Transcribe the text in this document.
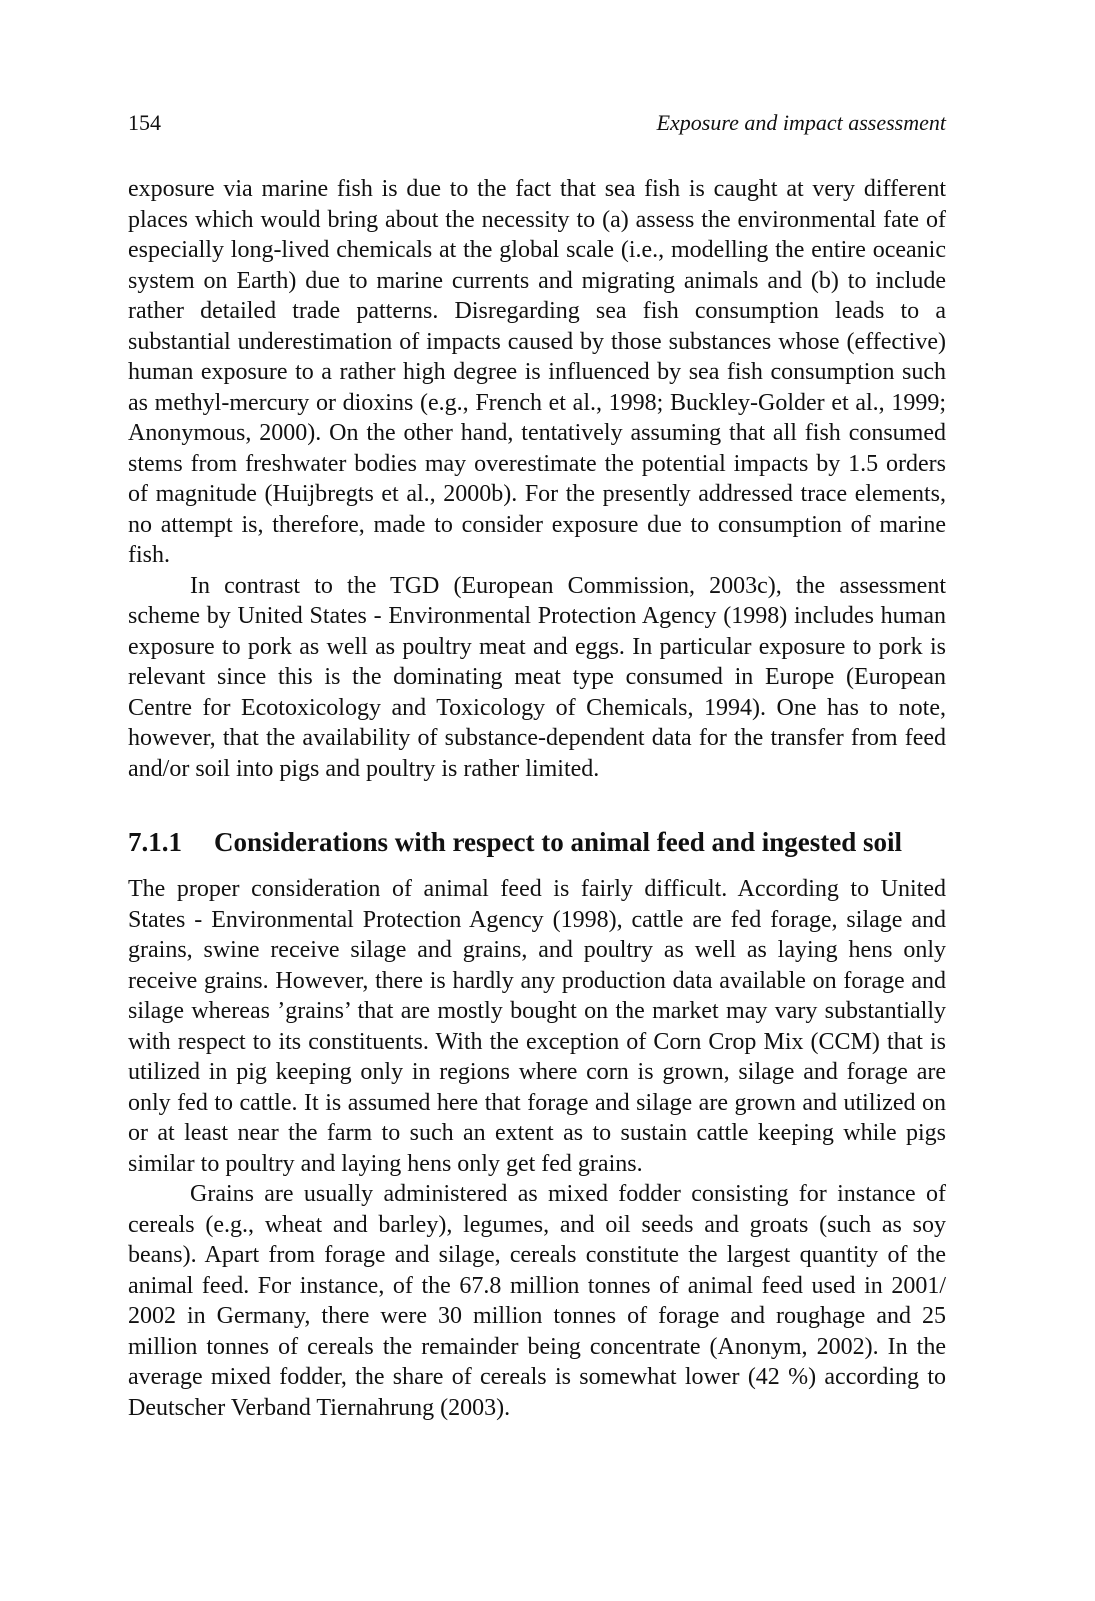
154	Exposure and impact assessment

exposure via marine fish is due to the fact that sea fish is caught at very different places which would bring about the necessity to (a) assess the environmental fate of especially long-lived chemicals at the global scale (i.e., modelling the entire oceanic system on Earth) due to marine currents and migrating animals and (b) to include rather detailed trade patterns. Disregarding sea fish consumption leads to a substantial underestimation of impacts caused by those substances whose (effective) human exposure to a rather high degree is influenced by sea fish consumption such as methyl-mercury or dioxins (e.g., French et al., 1998; Buckley-Golder et al., 1999; Anonymous, 2000). On the other hand, tentatively assuming that all fish consumed stems from freshwater bodies may overestimate the potential impacts by 1.5 orders of magnitude (Huijbregts et al., 2000b). For the presently addressed trace elements, no attempt is, therefore, made to consider exposure due to consumption of marine fish.

In contrast to the TGD (European Commission, 2003c), the assessment scheme by United States - Environmental Protection Agency (1998) includes human exposure to pork as well as poultry meat and eggs. In particular exposure to pork is relevant since this is the dominating meat type consumed in Europe (European Centre for Ecotoxicology and Toxicology of Chemicals, 1994). One has to note, however, that the availability of substance-dependent data for the transfer from feed and/or soil into pigs and poultry is rather limited.

7.1.1 Considerations with respect to animal feed and ingested soil

The proper consideration of animal feed is fairly difficult. According to United States - Environmental Protection Agency (1998), cattle are fed forage, silage and grains, swine receive silage and grains, and poultry as well as laying hens only receive grains. However, there is hardly any production data available on forage and silage whereas ’grains’ that are mostly bought on the market may vary substantially with respect to its constituents. With the exception of Corn Crop Mix (CCM) that is utilized in pig keeping only in regions where corn is grown, silage and forage are only fed to cattle. It is assumed here that forage and silage are grown and utilized on or at least near the farm to such an extent as to sustain cattle keeping while pigs similar to poultry and laying hens only get fed grains.

Grains are usually administered as mixed fodder consisting for instance of cereals (e.g., wheat and barley), legumes, and oil seeds and groats (such as soy beans). Apart from forage and silage, cereals constitute the largest quantity of the animal feed. For instance, of the 67.8 million tonnes of animal feed used in 2001/​2002 in Germany, there were 30 million tonnes of forage and roughage and 25 million tonnes of cereals the remainder being concentrate (Anonym, 2002). In the average mixed fodder, the share of cereals is somewhat lower (42 %) according to Deutscher Verband Tiernahrung (2003).
